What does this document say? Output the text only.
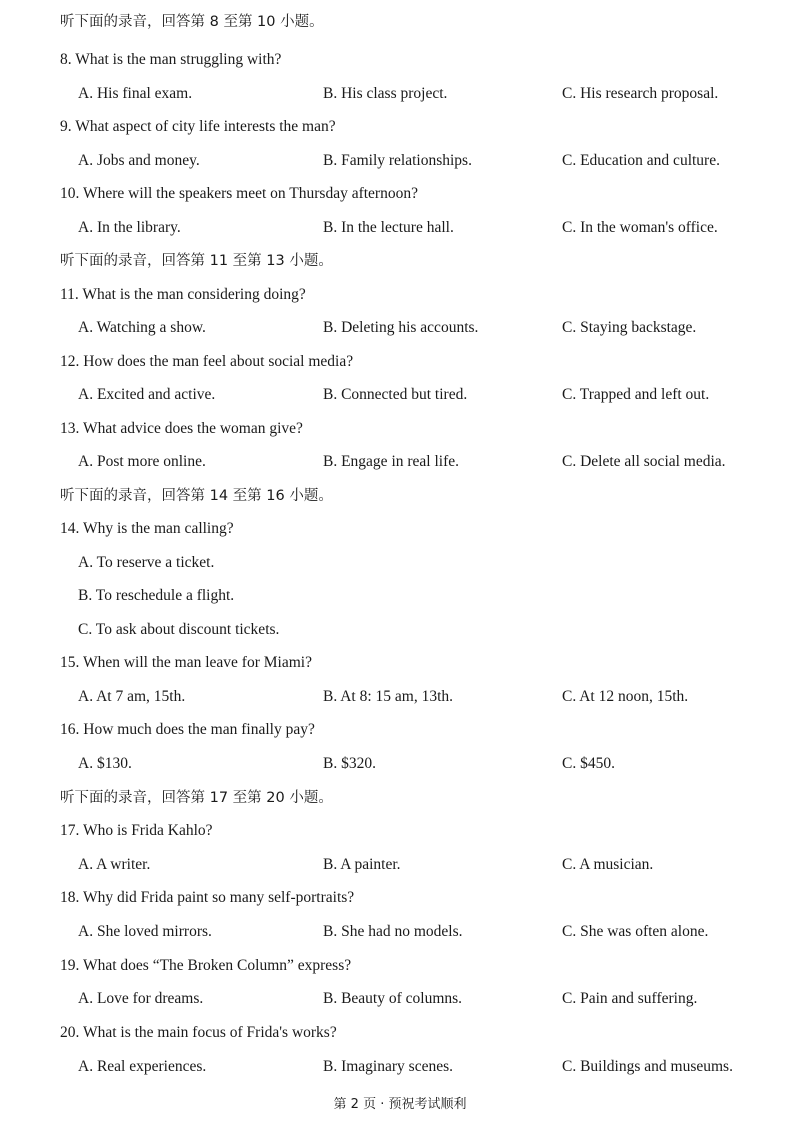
听下面的录音，回答第 8 至第 10 小题。
8. What is the man struggling with?
A. His final exam.	B. His class project.	C. His research proposal.
9. What aspect of city life interests the man?
A. Jobs and money.	B. Family relationships.	C. Education and culture.
10. Where will the speakers meet on Thursday afternoon?
A. In the library.	B. In the lecture hall.	C. In the woman's office.
听下面的录音，回答第 11 至第 13 小题。
11. What is the man considering doing?
A. Watching a show.	B. Deleting his accounts.	C. Staying backstage.
12. How does the man feel about social media?
A. Excited and active.	B. Connected but tired.	C. Trapped and left out.
13. What advice does the woman give?
A. Post more online.	B. Engage in real life.	C. Delete all social media.
听下面的录音，回答第 14 至第 16 小题。
14. Why is the man calling?
A. To reserve a ticket.
B. To reschedule a flight.
C. To ask about discount tickets.
15. When will the man leave for Miami?
A. At 7 am, 15th.	B. At 8: 15 am, 13th.	C. At 12 noon, 15th.
16. How much does the man finally pay?
A. $130.	B. $320.	C. $450.
听下面的录音，回答第 17 至第 20 小题。
17. Who is Frida Kahlo?
A. A writer.	B. A painter.	C. A musician.
18. Why did Frida paint so many self-portraits?
A. She loved mirrors.	B. She had no models.	C. She was often alone.
19. What does “The Broken Column” express?
A. Love for dreams.	B. Beauty of columns.	C. Pain and suffering.
20. What is the main focus of Frida's works?
A. Real experiences.	B. Imaginary scenes.	C. Buildings and museums.
第 2 页 · 预祝考试顺利
